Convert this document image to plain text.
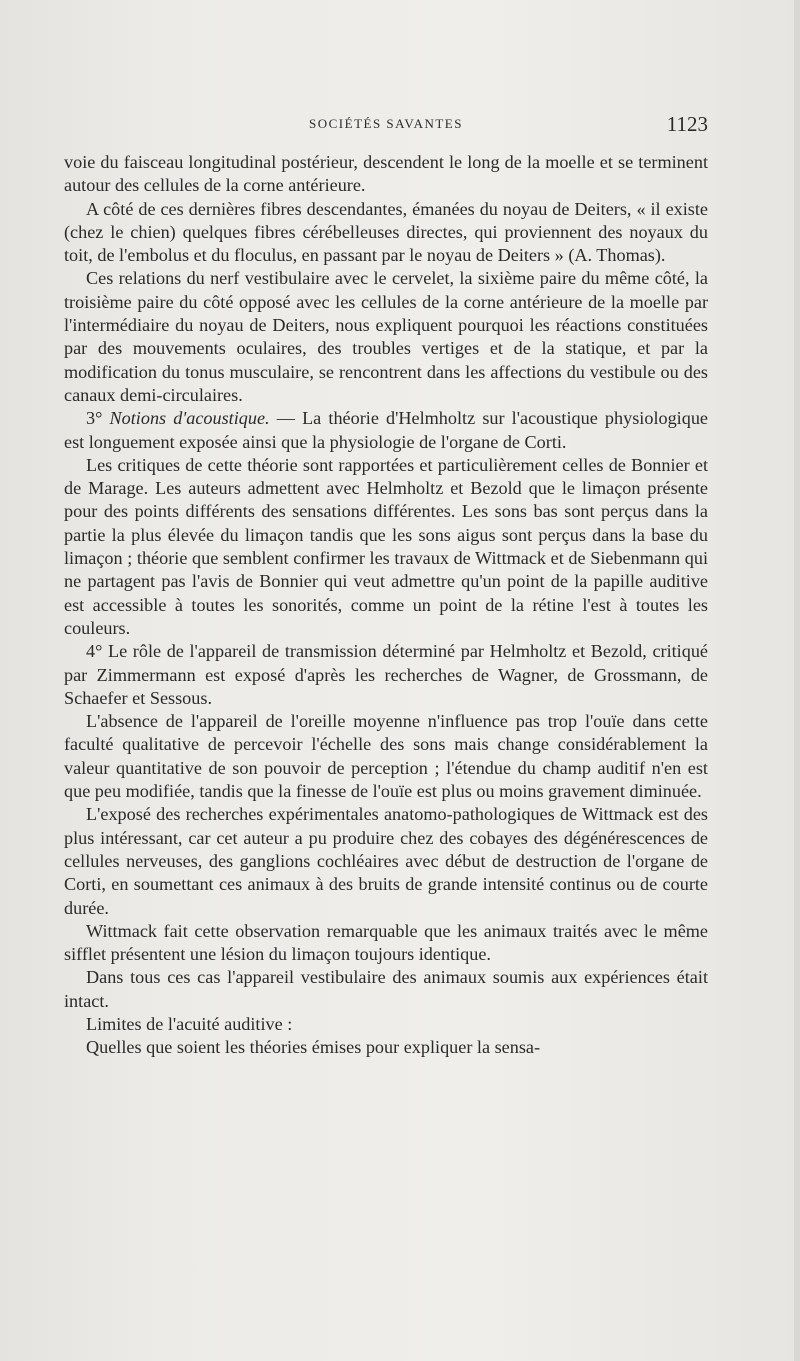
SOCIÉTÉS SAVANTES	1123

voie du faisceau longitudinal postérieur, descendent le long de la moelle et se terminent autour des cellules de la corne antérieure.

A côté de ces dernières fibres descendantes, émanées du noyau de Deiters, « il existe (chez le chien) quelques fibres cérébelleuses directes, qui proviennent des noyaux du toit, de l'embolus et du floculus, en passant par le noyau de Deiters » (A. Thomas).

Ces relations du nerf vestibulaire avec le cervelet, la sixième paire du même côté, la troisième paire du côté opposé avec les cellules de la corne antérieure de la moelle par l'intermédiaire du noyau de Deiters, nous expliquent pourquoi les réactions constituées par des mouvements oculaires, des troubles vertiges et de la statique, et par la modification du tonus musculaire, se rencontrent dans les affections du vestibule ou des canaux demi-circulaires.

3° Notions d'acoustique. — La théorie d'Helmholtz sur l'acoustique physiologique est longuement exposée ainsi que la physiologie de l'organe de Corti.

Les critiques de cette théorie sont rapportées et particulièrement celles de Bonnier et de Marage. Les auteurs admettent avec Helmholtz et Bezold que le limaçon présente pour des points différents des sensations différentes. Les sons bas sont perçus dans la partie la plus élevée du limaçon tandis que les sons aigus sont perçus dans la base du limaçon ; théorie que semblent confirmer les travaux de Wittmack et de Siebenmann qui ne partagent pas l'avis de Bonnier qui veut admettre qu'un point de la papille auditive est accessible à toutes les sonorités, comme un point de la rétine l'est à toutes les couleurs.

4° Le rôle de l'appareil de transmission déterminé par Helmholtz et Bezold, critiqué par Zimmermann est exposé d'après les recherches de Wagner, de Grossmann, de Schaefer et Sessous.

L'absence de l'appareil de l'oreille moyenne n'influence pas trop l'ouïe dans cette faculté qualitative de percevoir l'échelle des sons mais change considérablement la valeur quantitative de son pouvoir de perception ; l'étendue du champ auditif n'en est que peu modifiée, tandis que la finesse de l'ouïe est plus ou moins gravement diminuée.

L'exposé des recherches expérimentales anatomo-pathologiques de Wittmack est des plus intéressant, car cet auteur a pu produire chez des cobayes des dégénérescences de cellules nerveuses, des ganglions cochléaires avec début de destruction de l'organe de Corti, en soumettant ces animaux à des bruits de grande intensité continus ou de courte durée.

Wittmack fait cette observation remarquable que les animaux traités avec le même sifflet présentent une lésion du limaçon toujours identique.

Dans tous ces cas l'appareil vestibulaire des animaux soumis aux expériences était intact.

Limites de l'acuité auditive :

Quelles que soient les théories émises pour expliquer la sensa-
